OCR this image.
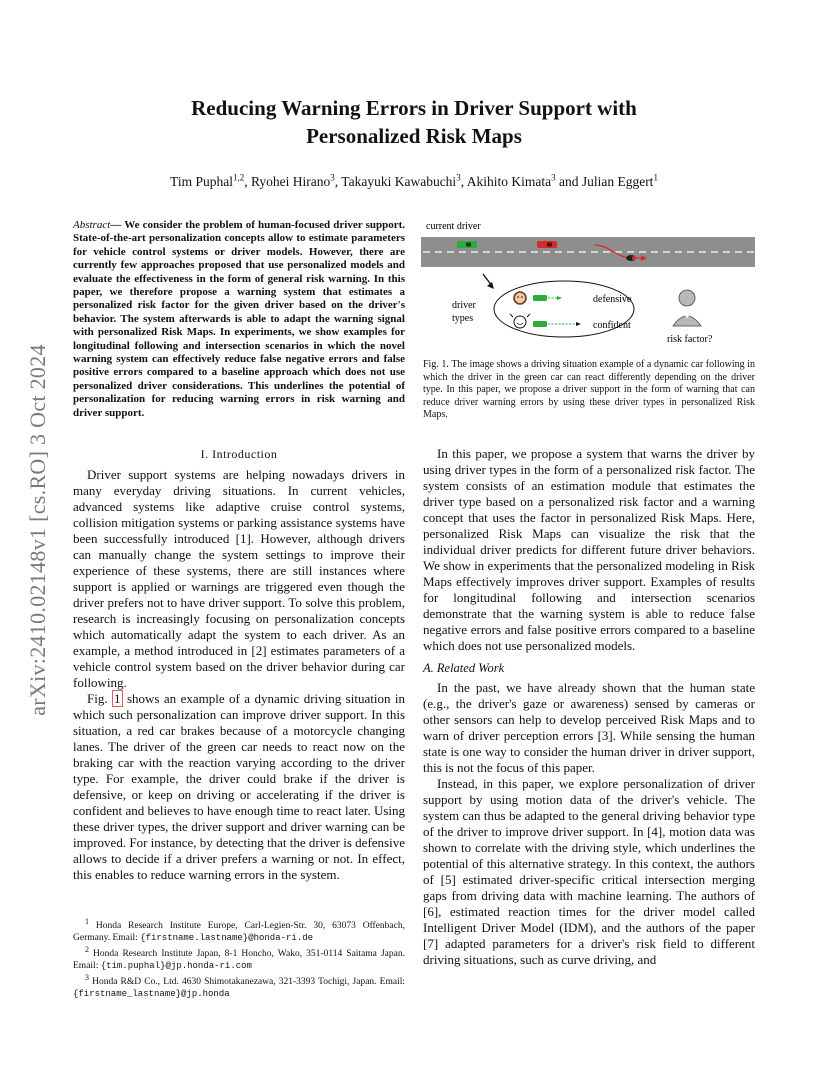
arXiv:2410.02148v1 [cs.RO] 3 Oct 2024
Reducing Warning Errors in Driver Support with
Personalized Risk Maps
Tim Puphal$^{1,2}$, Ryohei Hirano$^3$, Takayuki Kawabuchi$^3$, Akihito Kimata$^3$ and Julian Eggert$^1$
Abstract— We consider the problem of human-focused driver support. State-of-the-art personalization concepts allow to estimate parameters for vehicle control systems or driver models. However, there are currently few approaches proposed that use personalized models and evaluate the effectiveness in the form of general risk warning. In this paper, we therefore propose a warning system that estimates a personalized risk factor for the given driver based on the driver's behavior. The system afterwards is able to adapt the warning signal with personalized Risk Maps. In experiments, we show examples for longitudinal following and intersection scenarios in which the novel warning system can effectively reduce false negative errors and false positive errors compared to a baseline approach which does not use personalized driver considerations. This underlines the potential of personalization for reducing warning errors in risk warning and driver support.
I. Introduction

Driver support systems are helping nowadays drivers in many everyday driving situations. In current vehicles, advanced systems like adaptive cruise control systems, collision mitigation systems or parking assistance systems have been successfully introduced [1]. However, although drivers can manually change the system settings to improve their experience of these systems, there are still instances where support is applied or warnings are triggered even though the driver prefers not to have driver support. To solve this problem, research is increasingly focusing on personalization concepts which automatically adapt the system to each driver. As an example, a method introduced in [2] estimates parameters of a vehicle control system based on the driver behavior during car following.

Fig. 1 shows an example of a dynamic driving situation in which such personalization can improve driver support. In this situation, a red car brakes because of a motorcycle changing lanes. The driver of the green car needs to react now on the braking car with the reaction varying according to the driver type. For example, the driver could brake if the driver is defensive, or keep on driving or accelerating if the driver is confident and believes to have enough time to react later. Using these driver types, the driver support and driver warning can be improved. For instance, by detecting that the driver is defensive allows to decide if a driver prefers a warning or not. In effect, this enables to reduce warning errors in the system.

$^1$ Honda Research Institute Europe, Carl-Legien-Str. 30, 63073 Offenbach, Germany. Email: {firstname.lastname}@honda-ri.de
$^2$ Honda Research Institute Japan, 8-1 Honcho, Wako, 351-0114 Saitama Japan. Email: {tim.puphal}@jp.honda-ri.com
$^3$ Honda R&D Co., Ltd. 4630 Shimotakanezawa, 321-3393 Tochigi, Japan. Email: {firstname_lastname}@jp.honda
current driver
driver
types
defensive
confident
risk factor?
Fig. 1. The image shows a driving situation example of a dynamic car following in which the driver in the green car can react differently depending on the driver type. In this paper, we propose a driver support in the form of warning that can reduce driver warning errors by using these driver types in personalized Risk Maps.

In this paper, we propose a system that warns the driver by using driver types in the form of a personalized risk factor. The system consists of an estimation module that estimates the driver type based on a personalized risk factor and a warning concept that uses the factor in personalized Risk Maps. Here, personalized Risk Maps can visualize the risk that the individual driver predicts for different future driver behaviors. We show in experiments that the personalized modeling in Risk Maps effectively improves driver support. Examples of results for longitudinal following and intersection scenarios demonstrate that the warning system is able to reduce false negative errors and false positive errors compared to a baseline which does not use personalized models.

A. Related Work

In the past, we have already shown that the human state (e.g., the driver's gaze or awareness) sensed by cameras or other sensors can help to develop perceived Risk Maps and to warn of driver perception errors [3]. While sensing the human state is one way to consider the human driver in driver support, this is not the focus of this paper.

Instead, in this paper, we explore personalization of driver support by using motion data of the driver's vehicle. The system can thus be adapted to the general driving behavior type of the driver to improve driver support. In [4], motion data was shown to correlate with the driving style, which underlines the potential of this alternative strategy. In this context, the authors of [5] estimated driver-specific critical intersection merging gaps from driving data with machine learning. The authors of [6], estimated reaction times for the driver model called Intelligent Driver Model (IDM), and the authors of the paper [7] adapted parameters for a driver's risk field to different driving situations, such as curve driving, and
